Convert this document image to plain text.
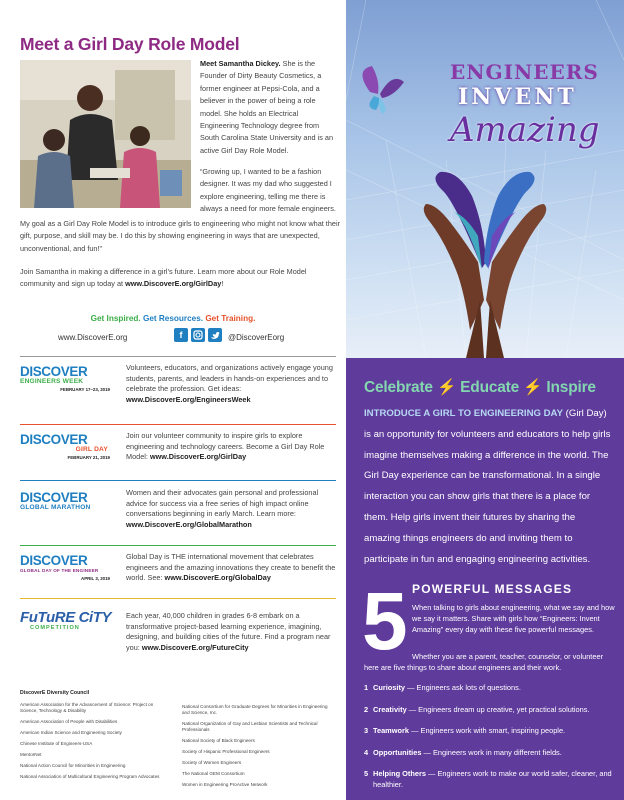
Meet a Girl Day Role Model
Meet Samantha Dickey. She is the Founder of Dirty Beauty Cosmetics, a former engineer at Pepsi-Cola, and a believer in the power of being a role model. She holds an Electrical Engineering Technology degree from South Carolina State University and is an active Girl Day Role Model.
“Growing up, I wanted to be a fashion designer. It was my dad who suggested I explore engineering, telling me there is always a need for more female engineers.
My goal as a Girl Day Role Model is to introduce girls to engineering who might not know what their gift, purpose, and skill may be. I do this by showing engineering in ways that are unexpected, unconventional, and fun!”
Join Samantha in making a difference in a girl’s future. Learn more about our Role Model community and sign up today at www.DiscoverE.org/GirlDay!
Get Inspired. Get Resources. Get Training.
www.DiscoverE.org	f	@DiscoverEorg
DISCOVER
ENGINEERS WEEK
FEBRUARY 17–23, 2019
Volunteers, educators, and organizations actively engage young students, parents, and leaders in hands-on experiences and to celebrate the profession. Get ideas: www.DiscoverE.org/EngineersWeek
DISCOVER
GIRL DAY
FEBRUARY 21, 2019
Join our volunteer community to inspire girls to explore engineering and technology careers. Become a Girl Day Role Model: www.DiscoverE.org/GirlDay
DISCOVER
GLOBAL MARATHON
Women and their advocates gain personal and professional advice for success via a free series of high impact online conversations beginning in early March. Learn more: www.DiscoverE.org/GlobalMarathon
DISCOVER
GLOBAL DAY OF THE ENGINEER
APRIL 3, 2019
Global Day is THE international movement that celebrates engineers and the amazing innovations they create to benefit the world. See: www.DiscoverE.org/GlobalDay
FuTuRE CiTY
COMPETITION
Each year, 40,000 children in grades 6-8 embark on a transformative project-based learning experience, imagining, designing, and building cities of the future. Find a program near you: www.DiscoverE.org/FutureCity
DiscoverE Diversity Council
American Association for the Advancement of Science: Project on Science, Technology & Disability
American Association of People with Disabilities
American Indian Science and Engineering Society
Chinese Institute of Engineers-USA
MentorNet
National Action Council for Minorities in Engineering
National Association of Multicultural Engineering Program Advocates
National Consortium for Graduate Degrees for Minorities in Engineering and Science, Inc.
National Organization of Gay and Lesbian Scientists and Technical Professionals
National Society of Black Engineers
Society of Hispanic Professional Engineers
Society of Women Engineers
The National GEM Consortium
Women in Engineering ProActive Network
ENGINEERS
INVENT
Amazing
Celebrate ⚡ Educate ⚡ Inspire
INTRODUCE A GIRL TO ENGINEERING DAY (Girl Day) is an opportunity for volunteers and educators to help girls imagine themselves making a difference in the world. The Girl Day experience can be transformational. In a single interaction you can show girls that there is a place for them. Help girls invent their futures by sharing the amazing things engineers do and inviting them to participate in fun and engaging engineering activities.
5 POWERFUL MESSAGES
When talking to girls about engineering, what we say and how we say it matters. Share with girls how “Engineers: Invent Amazing” every day with these five powerful messages.
Whether you are a parent, teacher, counselor, or volunteer here are five things to share about engineers and their work.
1 Curiosity — Engineers ask lots of questions.
2 Creativity — Engineers dream up creative, yet practical solutions.
3 Teamwork — Engineers work with smart, inspiring people.
4 Opportunities — Engineers work in many different fields.
5 Helping Others — Engineers work to make our world safer, cleaner, and healthier.
